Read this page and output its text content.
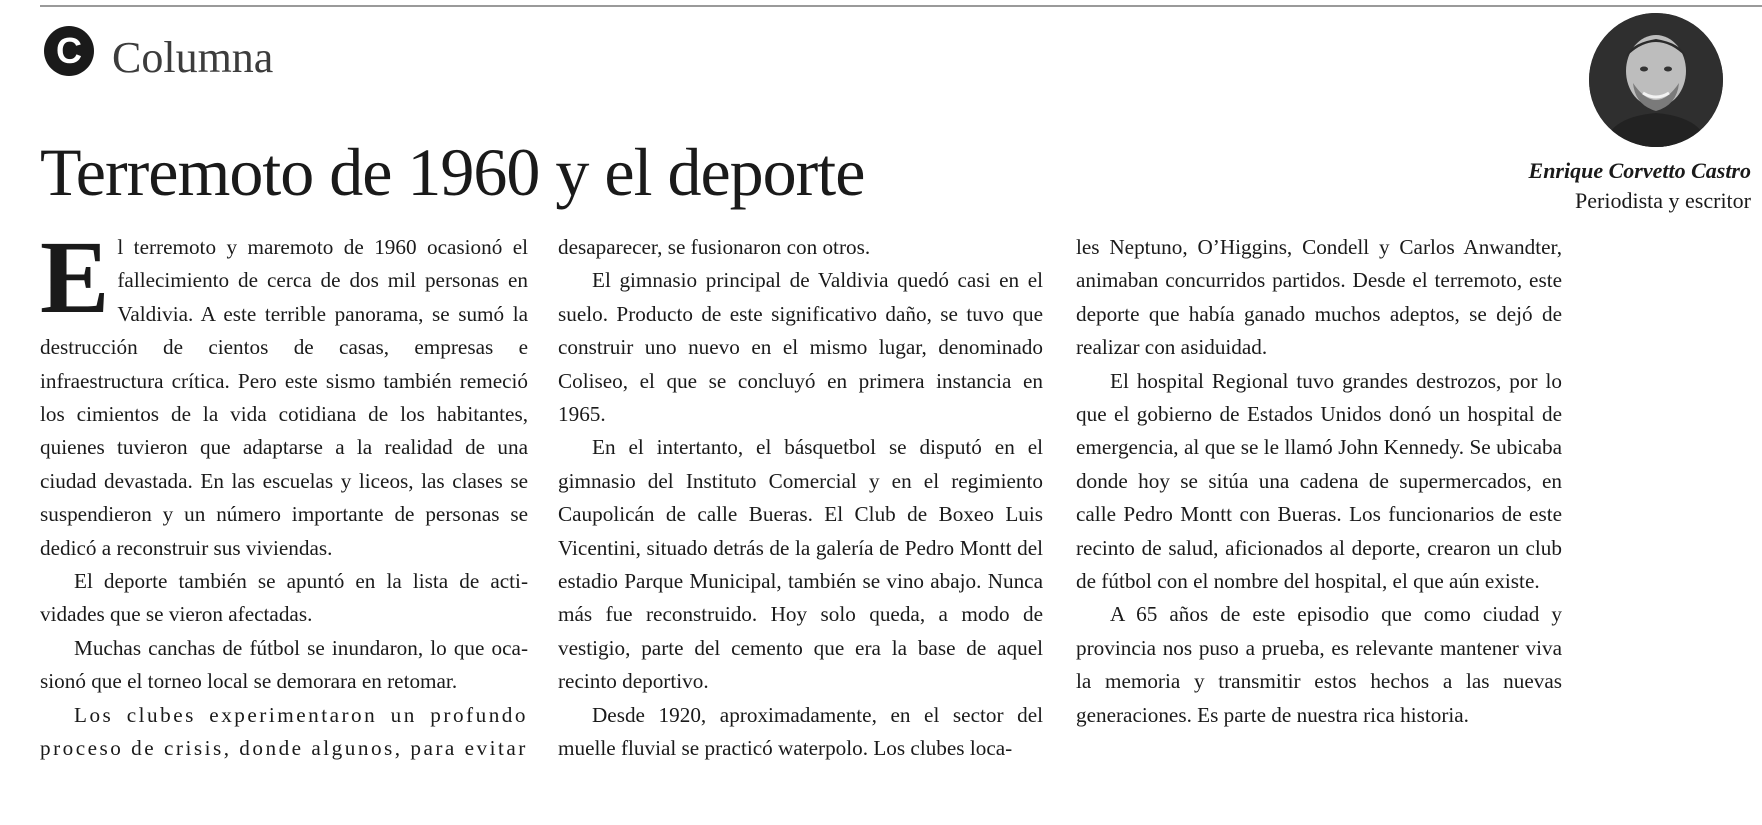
C Columna
Terremoto de 1960 y el deporte	Enrique Corvetto Castro
Periodista y escritor

El terremoto y maremoto de 1960 ocasionó el fallecimiento de cerca de dos mil personas en Valdivia. A este terrible panorama, se sumó la destrucción de cientos de casas, empresas e infraestructura crítica. Pero este sismo también remeció los cimientos de la vida cotidiana de los habitantes, quienes tuvieron que adaptarse a la realidad de una ciudad devastada. En las escuelas y liceos, las clases se suspendieron y un número importante de personas se dedicó a reconstruir sus viviendas.

El deporte también se apuntó en la lista de actividades que se vieron afectadas.

Muchas canchas de fútbol se inundaron, lo que ocasionó que el torneo local se demorara en retomar.

Los clubes experimentaron un profundo proceso de crisis, donde algunos, para evitar

desaparecer, se fusionaron con otros.

El gimnasio principal de Valdivia quedó casi en el suelo. Producto de este significativo daño, se tuvo que construir uno nuevo en el mismo lugar, denominado Coliseo, el que se concluyó en primera instancia en 1965.

En el intertanto, el básquetbol se disputó en el gimnasio del Instituto Comercial y en el regimiento Caupolicán de calle Bueras. El Club de Boxeo Luis Vicentini, situado detrás de la galería de Pedro Montt del estadio Parque Municipal, también se vino abajo. Nunca más fue reconstruido. Hoy solo queda, a modo de vestigio, parte del cemento que era la base de aquel recinto deportivo.

Desde 1920, aproximadamente, en el sector del muelle fluvial se practicó waterpolo. Los clubes loca-

les Neptuno, O’Higgins, Condell y Carlos Anwandter, animaban concurridos partidos. Desde el terremoto, este deporte que había ganado muchos adeptos, se dejó de realizar con asiduidad.

El hospital Regional tuvo grandes destrozos, por lo que el gobierno de Estados Unidos donó un hospital de emergencia, al que se le llamó John Kennedy. Se ubicaba donde hoy se sitúa una cadena de supermercados, en calle Pedro Montt con Bueras. Los funcionarios de este recinto de salud, aficionados al deporte, crearon un club de fútbol con el nombre del hospital, el que aún existe.

A 65 años de este episodio que como ciudad y provincia nos puso a prueba, es relevante mantener viva la memoria y transmitir estos hechos a las nuevas generaciones. Es parte de nuestra rica historia.
